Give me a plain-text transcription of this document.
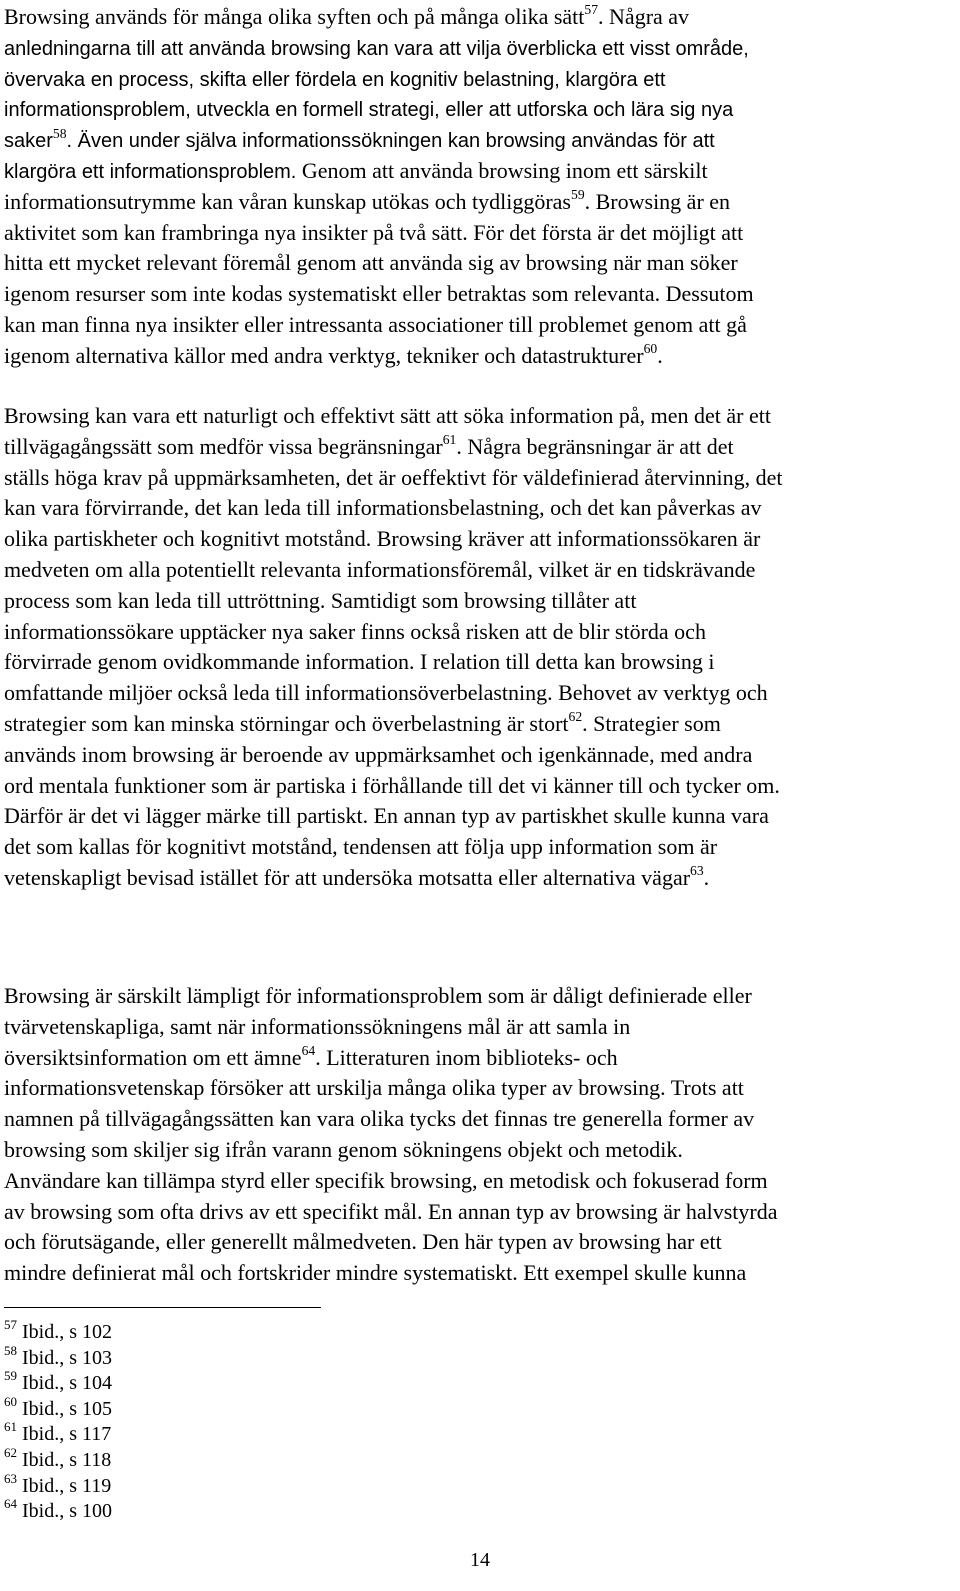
Browsing används för många olika syften och på många olika sätt$^{57}$. Några av
anledningarna till att använda browsing kan vara att vilja överblicka ett visst område,
övervaka en process, skifta eller fördela en kognitiv belastning, klargöra ett
informationsproblem, utveckla en formell strategi, eller att utforska och lära sig nya
saker$^{58}$. Även under själva informationssökningen kan browsing användas för att
klargöra ett informationsproblem. Genom att använda browsing inom ett särskilt
informationsutrymme kan våran kunskap utökas och tydliggöras$^{59}$. Browsing är en
aktivitet som kan frambringa nya insikter på två sätt. För det första är det möjligt att
hitta ett mycket relevant föremål genom att använda sig av browsing när man söker
igenom resurser som inte kodas systematiskt eller betraktas som relevanta. Dessutom
kan man finna nya insikter eller intressanta associationer till problemet genom att gå
igenom alternativa källor med andra verktyg, tekniker och datastrukturer$^{60}$.
Browsing kan vara ett naturligt och effektivt sätt att söka information på, men det är ett
tillvägagångssätt som medför vissa begränsningar$^{61}$. Några begränsningar är att det
ställs höga krav på uppmärksamheten, det är oeffektivt för väldefinierad återvinning, det
kan vara förvirrande, det kan leda till informationsbelastning, och det kan påverkas av
olika partiskheter och kognitivt motstånd. Browsing kräver att informationssökaren är
medveten om alla potentiellt relevanta informationsföremål, vilket är en tidskrävande
process som kan leda till uttröttning. Samtidigt som browsing tillåter att
informationssökare upptäcker nya saker finns också risken att de blir störda och
förvirrade genom ovidkommande information. I relation till detta kan browsing i
omfattande miljöer också leda till informationsöverbelastning. Behovet av verktyg och
strategier som kan minska störningar och överbelastning är stort$^{62}$. Strategier som
används inom browsing är beroende av uppmärksamhet och igenkännade, med andra
ord mentala funktioner som är partiska i förhållande till det vi känner till och tycker om.
Därför är det vi lägger märke till partiskt. En annan typ av partiskhet skulle kunna vara
det som kallas för kognitivt motstånd, tendensen att följa upp information som är
vetenskapligt bevisad istället för att undersöka motsatta eller alternativa vägar$^{63}$.
Browsing är särskilt lämpligt för informationsproblem som är dåligt definierade eller
tvärvetenskapliga, samt när informationssökningens mål är att samla in
översiktsinformation om ett ämne$^{64}$. Litteraturen inom biblioteks- och
informationsvetenskap försöker att urskilja många olika typer av browsing. Trots att
namnen på tillvägagångssätten kan vara olika tycks det finnas tre generella former av
browsing som skiljer sig ifrån varann genom sökningens objekt och metodik.
Användare kan tillämpa styrd eller specifik browsing, en metodisk och fokuserad form
av browsing som ofta drivs av ett specifikt mål. En annan typ av browsing är halvstyrda
och förutsägande, eller generellt målmedveten. Den här typen av browsing har ett
mindre definierat mål och fortskrider mindre systematiskt. Ett exempel skulle kunna
$^{57}$ Ibid., s 102
$^{58}$ Ibid., s 103
$^{59}$ Ibid., s 104
$^{60}$ Ibid., s 105
$^{61}$ Ibid., s 117
$^{62}$ Ibid., s 118
$^{63}$ Ibid., s 119
$^{64}$ Ibid., s 100
14
